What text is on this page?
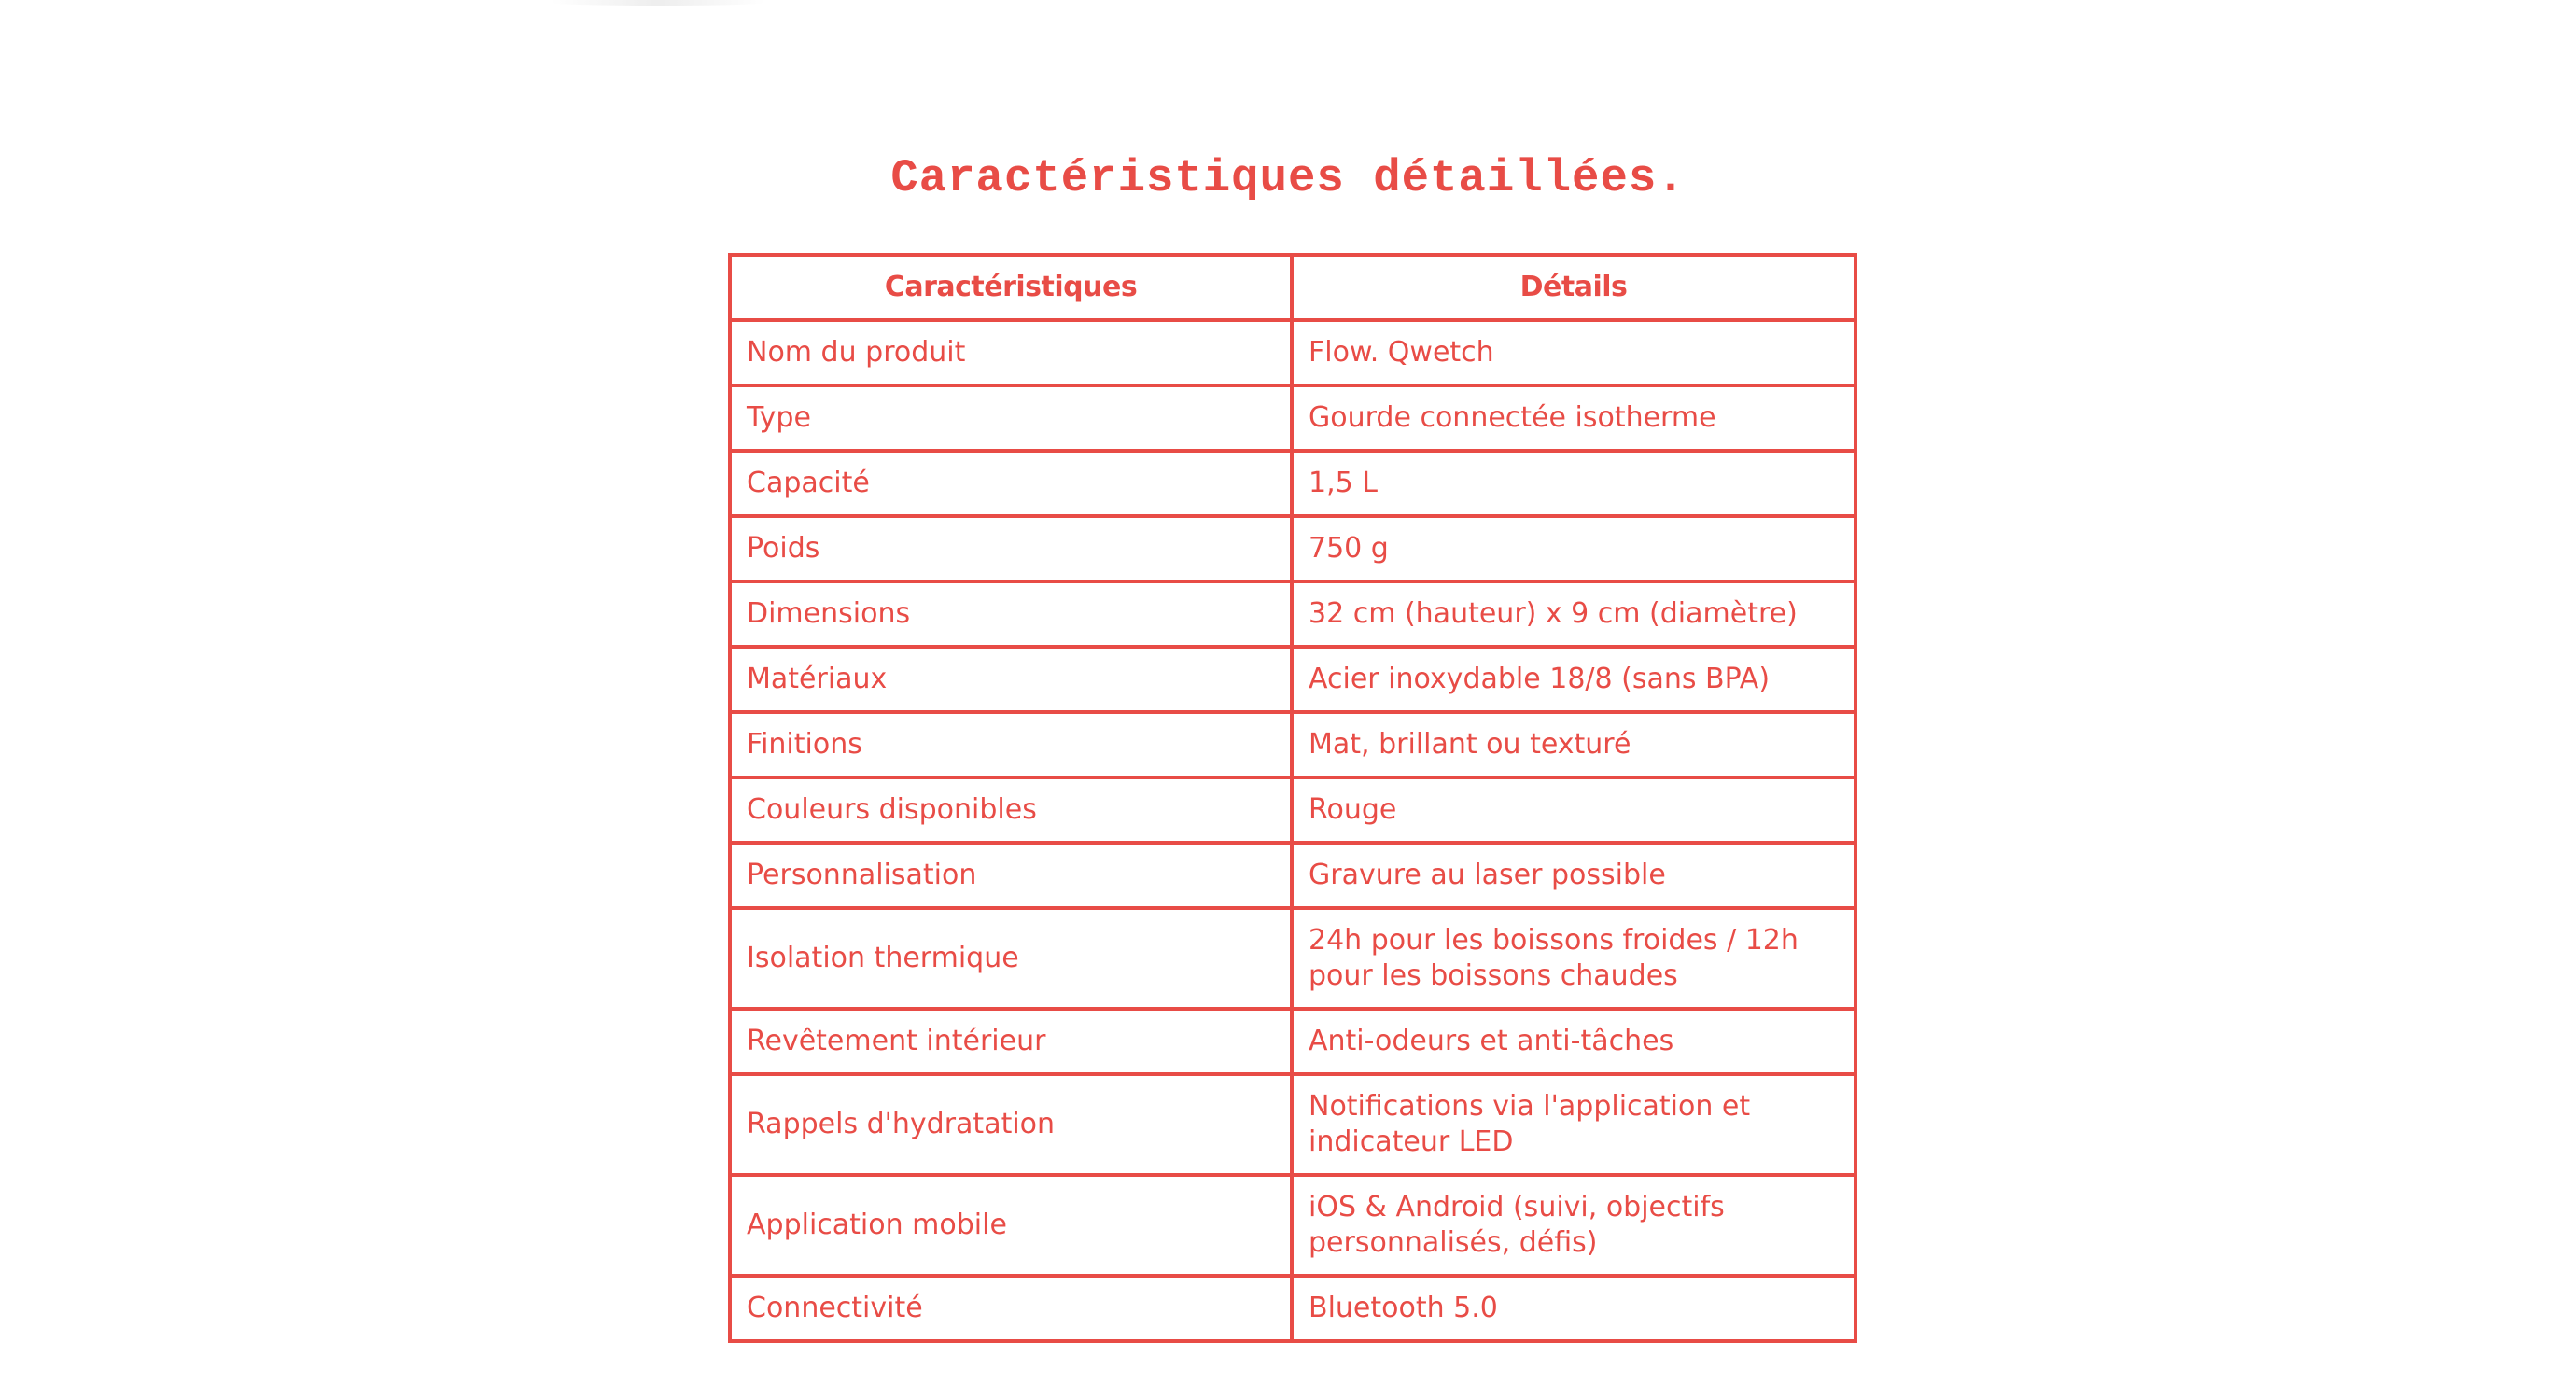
Caractéristiques détaillées.
Caractéristiques	Détails
Nom du produit	Flow. Qwetch
Type	Gourde connectée isotherme
Capacité	1,5 L
Poids	750 g
Dimensions	32 cm (hauteur) x 9 cm (diamètre)
Matériaux	Acier inoxydable 18/8 (sans BPA)
Finitions	Mat, brillant ou texturé
Couleurs disponibles	Rouge
Personnalisation	Gravure au laser possible
Isolation thermique	24h pour les boissons froides / 12h pour les boissons chaudes
Revêtement intérieur	Anti-odeurs et anti-tâches
Rappels d'hydratation	Notifications via l'application et indicateur LED
Application mobile	iOS & Android (suivi, objectifs personnalisés, défis)
Connectivité	Bluetooth 5.0
